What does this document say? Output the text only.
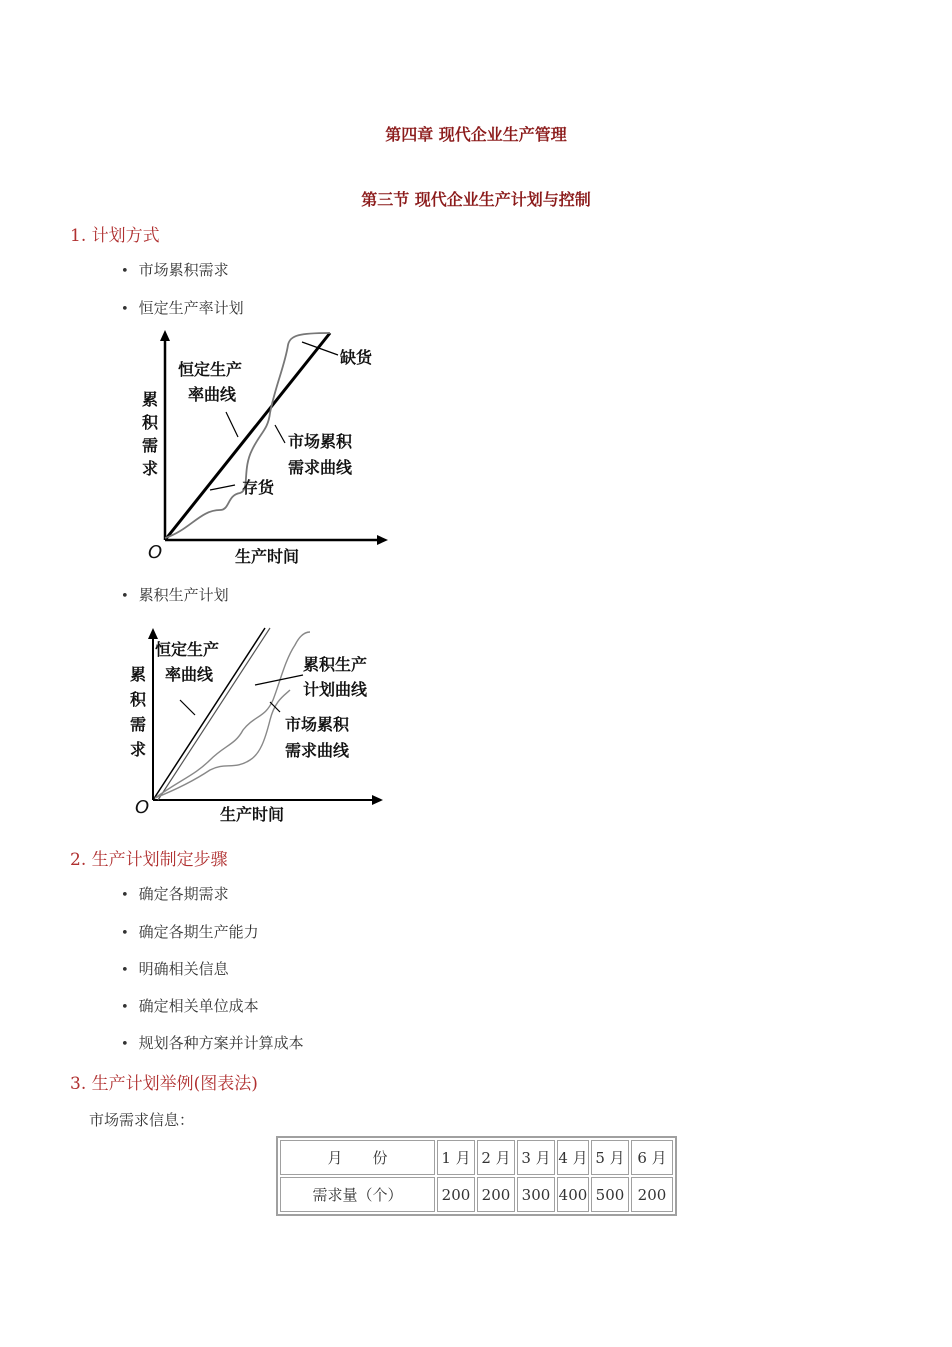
第四章 现代企业生产管理
第三节 现代企业生产计划与控制
1. 计划方式
• 市场累积需求
• 恒定生产率计划
累
积
需
求
恒定生产
率曲线
缺货
市场累积
需求曲线
存货
生产时间
O
• 累积生产计划
累
积
需
求
恒定生产
率曲线
累积生产
计划曲线
市场累积
需求曲线
生产时间
O
2. 生产计划制定步骤
• 确定各期需求
• 确定各期生产能力
• 明确相关信息
• 确定相关单位成本
• 规划各种方案并计算成本
3. 生产计划举例(图表法)
市场需求信息：
月　　份	1 月	2 月	3 月	4 月	5 月	6 月
需求量（个）	200	200	300	400	500	200
